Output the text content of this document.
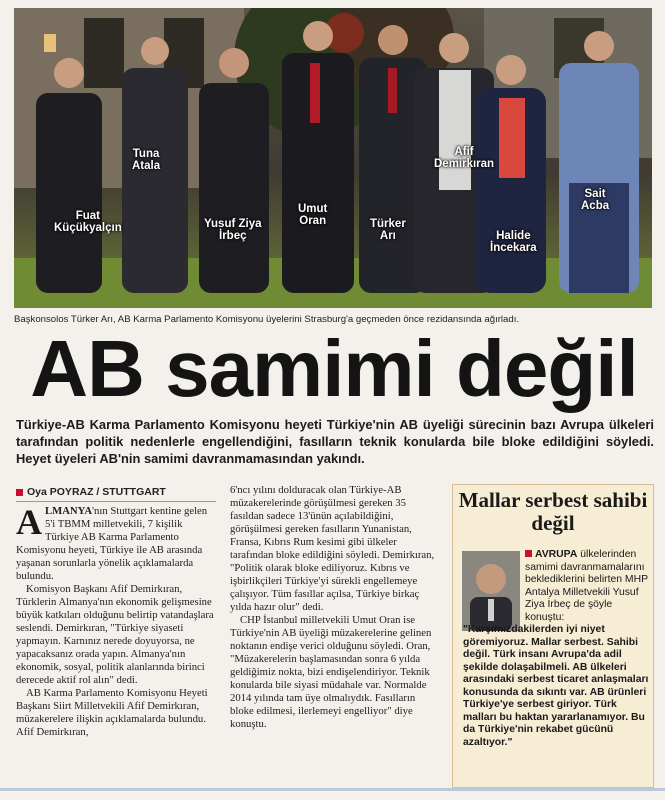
Fuat
Küçükyalçın
Tuna
Atala
Yusuf Ziya
İrbeç
Umut
Oran	Türker
Arı
Afif
Demirkıran
Halide
İncekara
Sait
Acba
Başkonsolos Türker Arı, AB Karma Parlamento Komisyonu üyelerini Strasburg'a geçmeden önce rezidansında ağırladı.
AB samimi değil

Türkiye-AB Karma Parlamento Komisyonu heyeti Türkiye'nin AB üyeliği sürecinin bazı Avrupa ülkeleri tarafından politik nedenlerle engellendiğini, fasılların teknik konularda bile bloke edildiğini söyledi. Heyet üyeleri AB'nin samimi davranmamasından yakındı.

Oya POYRAZ / STUTTGART
A LMANYA'nın Stuttgart kentine gelen 5'i TBMM milletvekili, 7 kişilik Türkiye AB Karma Parlamento Komisyonu heyeti, Türkiye ile AB arasında yaşanan sorunlarla yönelik açıklamalarda bulundu.

Komisyon Başkanı Afif Demirkıran, Türklerin Almanya'nın ekonomik gelişmesine büyük katkıları olduğunu belirtip vatandaşlara seslendi. Demirkıran, "Türkiye siyaseti yapmayın. Karnınız nerede doyuyorsa, ne yapacaksanız orada yapın. Almanya'nın ekonomik, sosyal, politik alanlarında birinci derecede aktif rol alın" dedi.

AB Karma Parlamento Komisyonu Heyeti Başkanı Siirt Milletvekili Afif Demirkıran, müzakerelere ilişkin açıklamalarda bulundu. Afif Demirkıran,

6'ncı yılını dolduracak olan Türkiye-AB müzakerelerinde görüşülmesi gereken 35 fasıldan sadece 13'ünün açılabildiğini, görüşülmesi gereken fasılların Yunanistan, Fransa, Kıbrıs Rum kesimi gibi ülkeler tarafından bloke edildiğini söyledi. Demirkıran, "Politik olarak bloke ediliyoruz. Kıbrıs ve işbirlikçileri Türkiye'yi sürekli engellemeye çalışıyor. Tüm fasıllar açılsa, Türkiye birkaç yılda hazır olur" dedi.

CHP İstanbul milletvekili Umut Oran ise Türkiye'nin AB üyeliği müzakerelerine gelinen noktanın endişe verici olduğunu söyledi. Oran, "Müzakerelerin başlamasından sonra 6 yılda geldiğimiz nokta, bizi endişelendiriyor. Teknik konularda bile siyasi müdahale var. Normalde 2014 yılında tam üye olmalıydık. Fasılların bloke edilmesi, ilerlemeyi engelliyor" diye konuştu.

Mallar serbest sahibi değil

AVRUPA ülkelerinden samimi davranmamalarını beklediklerini belirten MHP Antalya Milletvekili Yusuf Ziya İrbeç de şöyle konuştu:

"Karşımızdakilerden iyi niyet göremiyoruz. Mallar serbest. Sahibi değil. Türk insanı Avrupa'da adil şekilde dolaşabilmeli. AB ülkeleri arasındaki serbest ticaret anlaşmaları konusunda da sıkıntı var. AB ürünleri Türkiye'ye serbest giriyor. Türk malları bu haktan yararlanamıyor. Bu da Türkiye'nin rekabet gücünü azaltıyor."
